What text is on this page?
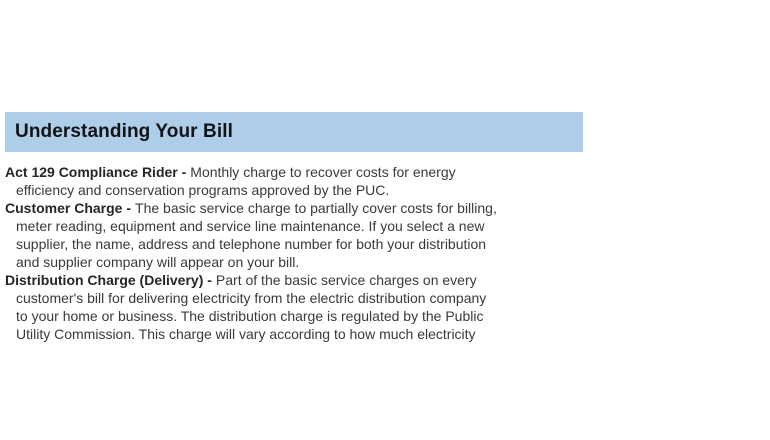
Understanding Your Bill
Act 129 Compliance Rider - Monthly charge to recover costs for energy
efficiency and conservation programs approved by the PUC.
Customer Charge - The basic service charge to partially cover costs for billing,
meter reading, equipment and service line maintenance. If you select a new
supplier, the name, address and telephone number for both your distribution
and supplier company will appear on your bill.
Distribution Charge (Delivery) - Part of the basic service charges on every
customer's bill for delivering electricity from the electric distribution company
to your home or business. The distribution charge is regulated by the Public
Utility Commission. This charge will vary according to how much electricity
